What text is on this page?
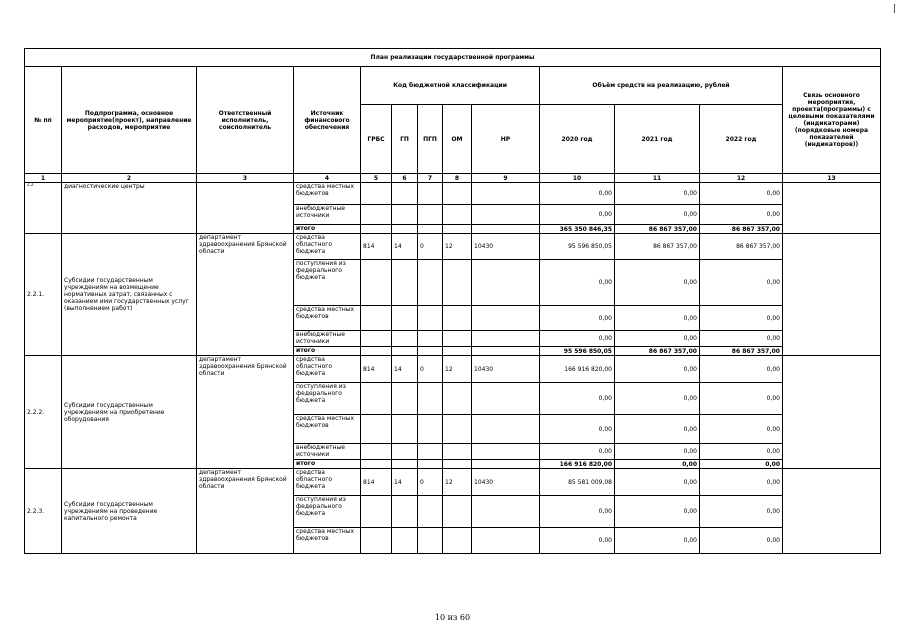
План реализации государственной программы												
№ пп	Подпрограмма, основное мероприятие(проект), направление расходов, мероприятие	Ответственный исполнитель, соисполнитель	Источник финансового обеспечения	Код бюджетной классификации					Объём средств на реализацию, рублей			Связь основного мероприятия, проекта(программы) с целевыми показателями (индикаторами) (порядковые номера показателей (индикаторов))
				ГРБС	ГП	ПГП	ОМ	НР	2020 год	2021 год	2022 год	
1	2	3	4	5	6	7	8	9	10	11	12	13
2.2.	диагностические центры		средства местных бюджетов						0,00	0,00	0,00	
			внебюджетные источники						0,00	0,00	0,00	
			итого						365 350 846,35	86 867 357,00	86 867 357,00	
2.2.1.	Субсидии государственным учреждениям на возмещение нормативных затрат, связанных с оказанием ими государственных услуг (выполнением работ)	департамент здравоохранения Брянской области	средства областного бюджета	814	14	0	12	10430	95 596 850,05	86 867 357,00	86 867 357,00	
			поступления из федерального бюджета						0,00	0,00	0,00	
			средства местных бюджетов						0,00	0,00	0,00	
			внебюджетные источники						0,00	0,00	0,00	
			итого						95 596 850,05	86 867 357,00	86 867 357,00	
2.2.2.	Субсидии государственным учреждениям на приобретение оборудования	департамент здравоохранения Брянской области	средства областного бюджета	814	14	0	12	10430	166 916 820,00	0,00	0,00	
			поступления из федерального бюджета						0,00	0,00	0,00	
			средства местных бюджетов						0,00	0,00	0,00	
			внебюджетные источники						0,00	0,00	0,00	
			итого						166 916 820,00	0,00	0,00	
2.2.3.	Субсидии государственным учреждениям на проведение капитального ремонта	департамент здравоохранения Брянской области	средства областного бюджета	814	14	0	12	10430	85 581 009,08	0,00	0,00	
			поступления из федерального бюджета						0,00	0,00	0,00	
			средства местных бюджетов						0,00	0,00	0,00	
10 из 60
